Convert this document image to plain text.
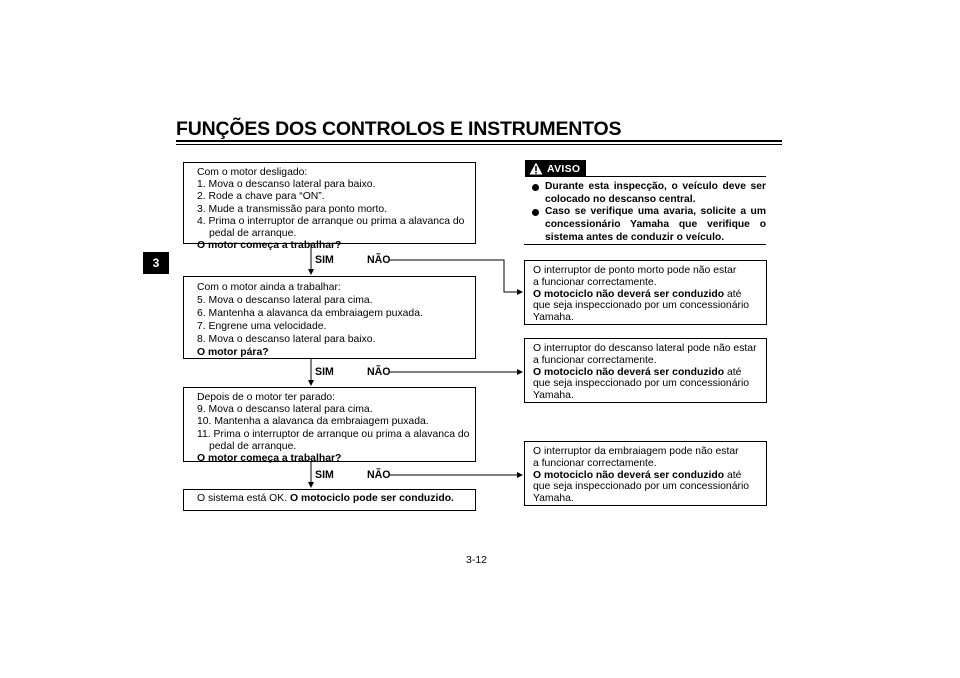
FUNÇÕES DOS CONTROLOS E INSTRUMENTOS
3
Com o motor desligado:
1. Mova o descanso lateral para baixo.
2. Rode a chave para “ON”.
3. Mude a transmissão para ponto morto.
4. Prima o interruptor de arranque ou prima a alavanca do
pedal de arranque.
O motor começa a trabalhar?
Com o motor ainda a trabalhar:
5. Mova o descanso lateral para cima.
6. Mantenha a alavanca da embraiagem puxada.
7. Engrene uma velocidade.
8. Mova o descanso lateral para baixo.
O motor pára?
Depois de o motor ter parado:
9. Mova o descanso lateral para cima.
10. Mantenha a alavanca da embraiagem puxada.
11. Prima o interruptor de arranque ou prima a alavanca do
pedal de arranque.
O motor começa a trabalhar?
O sistema está OK. O motociclo pode ser conduzido.
SIM	NÃO
SIM	NÃO
SIM	NÃO
AVISO
Durante esta inspecção, o veículo deve ser colocado no descanso central.
Caso se verifique uma avaria, solicite a um concessionário Yamaha que verifique o sistema antes de conduzir o veículo.
O interruptor de ponto morto pode não estar
a funcionar correctamente.
O motociclo não deverá ser conduzido até
que seja inspeccionado por um concessionário
Yamaha.
O interruptor do descanso lateral pode não estar
a funcionar correctamente.
O motociclo não deverá ser conduzido até
que seja inspeccionado por um concessionário
Yamaha.
O interruptor da embraiagem pode não estar
a funcionar correctamente.
O motociclo não deverá ser conduzido até
que seja inspeccionado por um concessionário
Yamaha.
3-12
